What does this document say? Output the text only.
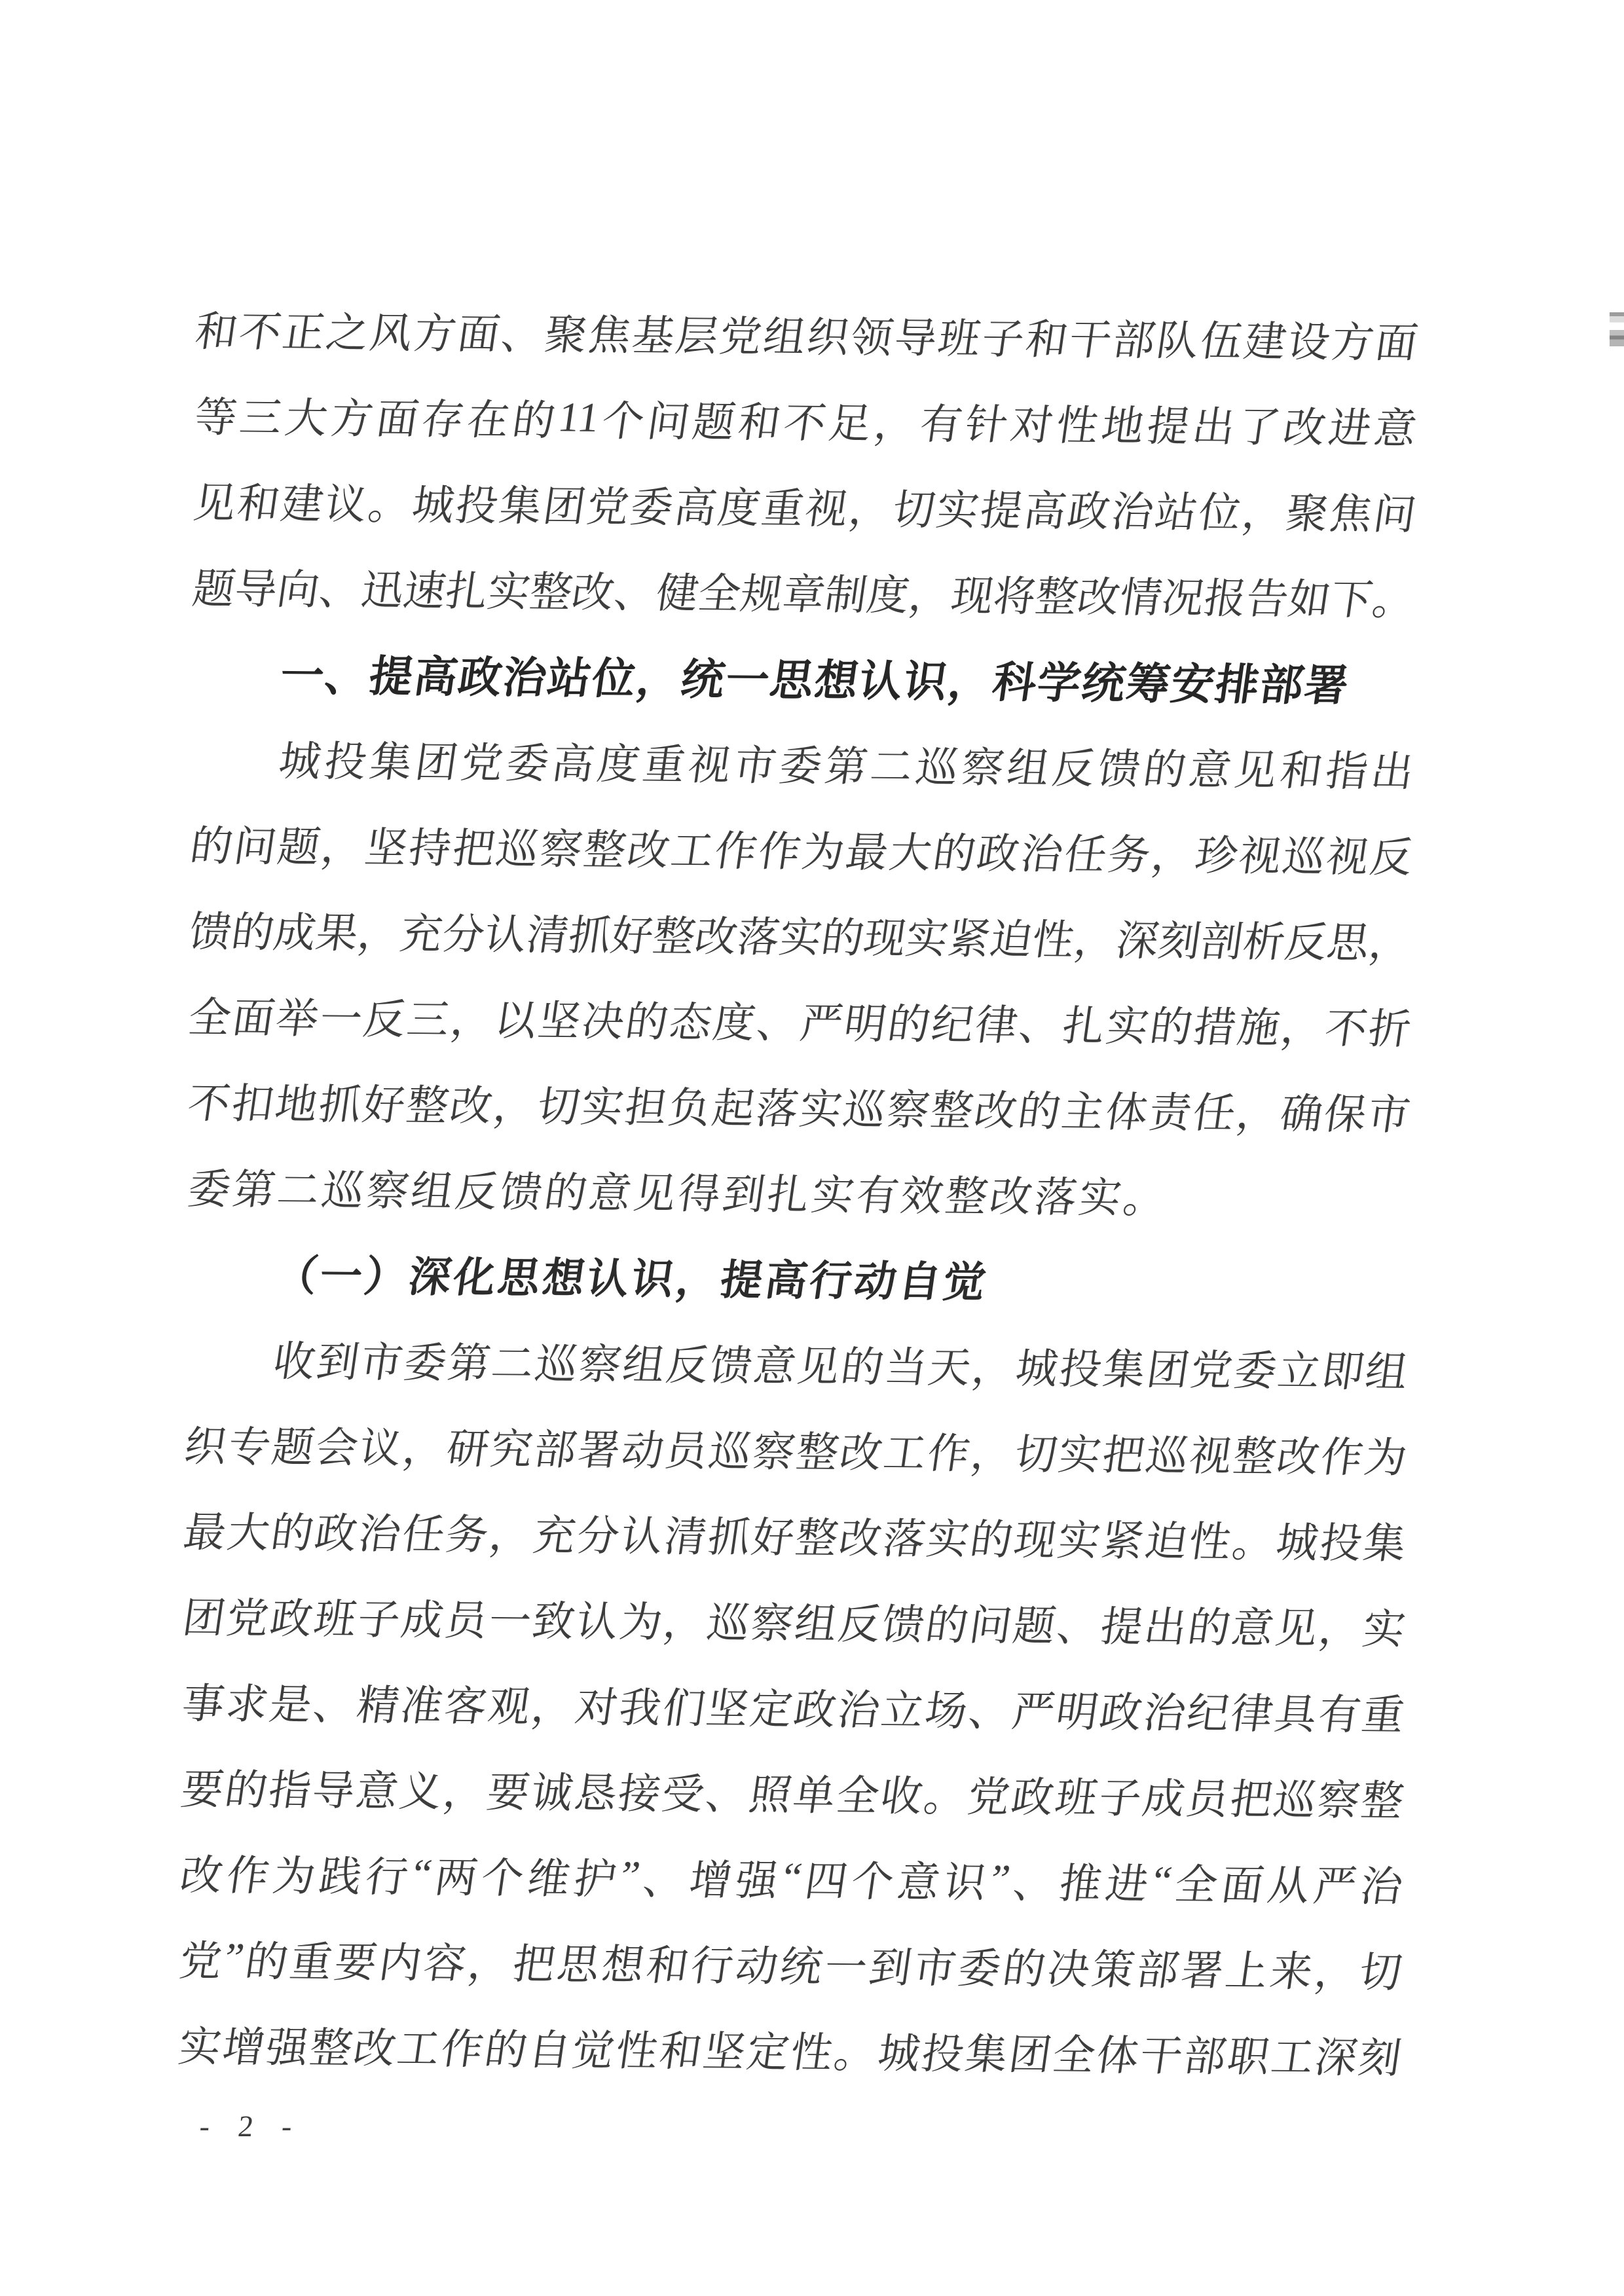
和
不
正
之
风
方
面
、
聚
焦
基
层
党
组
织
领
导
班
子
和
干
部
队
伍
建
设
方
面
等
三
大
方
面
存
在
的
11
个
问
题
和
不
足
，
有
针
对
性
地
提
出
了
改
进
意
见
和
建
议
。
城
投
集
团
党
委
高
度
重
视
，
切
实
提
高
政
治
站
位
，
聚
焦
问
题
导
向
、
迅
速
扎
实
整
改
、
健
全
规
章
制
度
，
现
将
整
改
情
况
报
告
如
下
。
一
、
提
高
政
治
站
位
，
统
一
思
想
认
识
，
科
学
统
筹
安
排
部
署
城
投
集
团
党
委
高
度
重
视
市
委
第
二
巡
察
组
反
馈
的
意
见
和
指
出
的
问
题
，
坚
持
把
巡
察
整
改
工
作
作
为
最
大
的
政
治
任
务
，
珍
视
巡
视
反
馈
的
成
果
，
充
分
认
清
抓
好
整
改
落
实
的
现
实
紧
迫
性
，
深
刻
剖
析
反
思
，
全
面
举
一
反
三
，
以
坚
决
的
态
度
、
严
明
的
纪
律
、
扎
实
的
措
施
，
不
折
不
扣
地
抓
好
整
改
，
切
实
担
负
起
落
实
巡
察
整
改
的
主
体
责
任
，
确
保
市
委
第
二
巡
察
组
反
馈
的
意
见
得
到
扎
实
有
效
整
改
落
实
。
（
一
）
深
化
思
想
认
识
，
提
高
行
动
自
觉
收
到
市
委
第
二
巡
察
组
反
馈
意
见
的
当
天
，
城
投
集
团
党
委
立
即
组
织
专
题
会
议
，
研
究
部
署
动
员
巡
察
整
改
工
作
，
切
实
把
巡
视
整
改
作
为
最
大
的
政
治
任
务
，
充
分
认
清
抓
好
整
改
落
实
的
现
实
紧
迫
性
。
城
投
集
团
党
政
班
子
成
员
一
致
认
为
，
巡
察
组
反
馈
的
问
题
、
提
出
的
意
见
，
实
事
求
是
、
精
准
客
观
，
对
我
们
坚
定
政
治
立
场
、
严
明
政
治
纪
律
具
有
重
要
的
指
导
意
义
，
要
诚
恳
接
受
、
照
单
全
收
。
党
政
班
子
成
员
把
巡
察
整
改
作
为
践
行
“
两
个
维
护
”
、
增
强
“
四
个
意
识
”
、
推
进
“
全
面
从
严
治
党
”
的
重
要
内
容
，
把
思
想
和
行
动
统
一
到
市
委
的
决
策
部
署
上
来
，
切
实
增
强
整
改
工
作
的
自
觉
性
和
坚
定
性
。
城
投
集
团
全
体
干
部
职
工
深
刻
- 2 -
